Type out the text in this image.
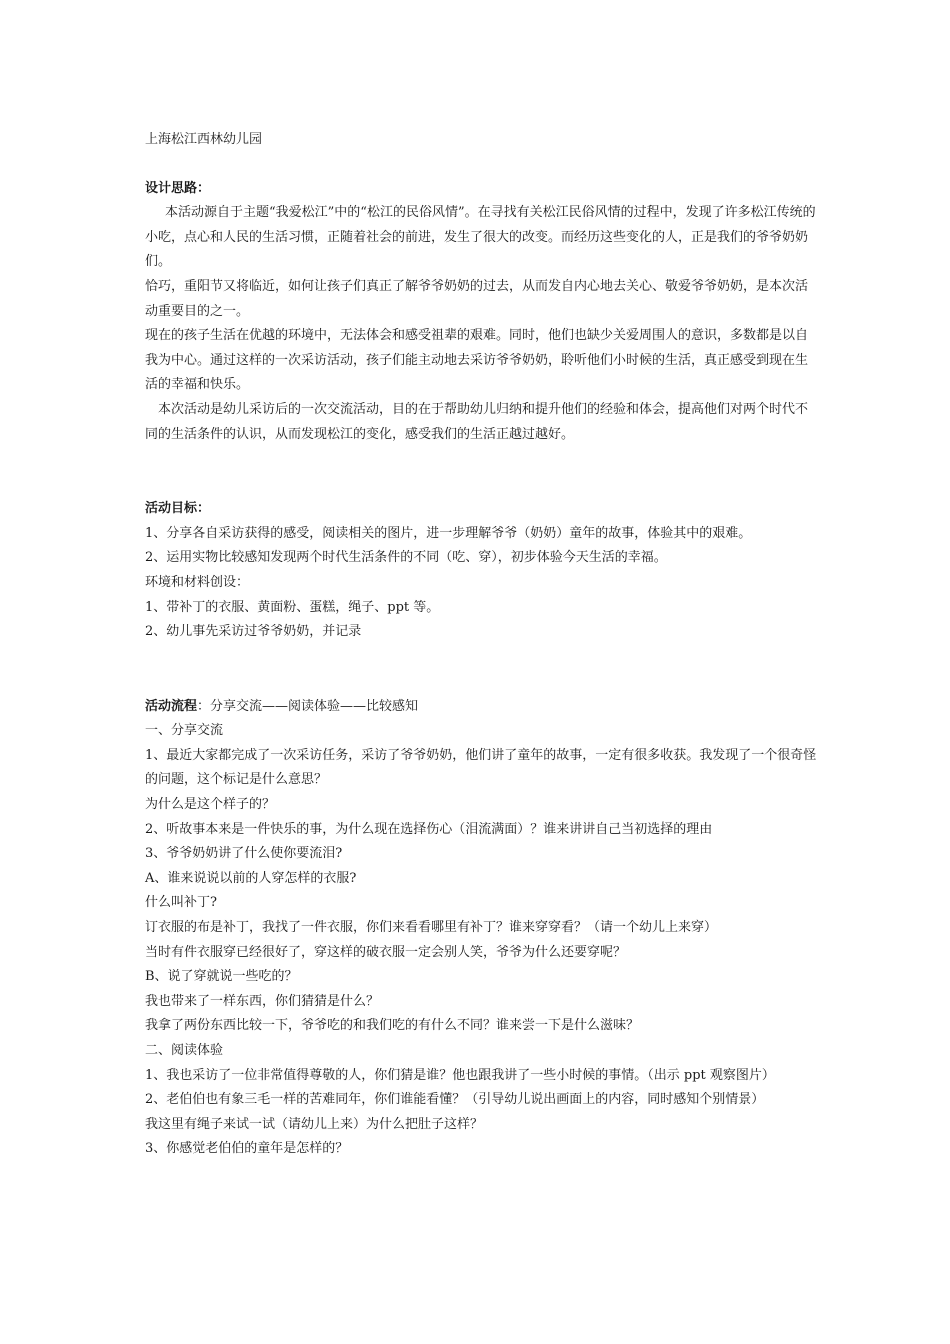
上海松江西林幼儿园
设计思路：
本活动源自于主题“我爱松江”中的“松江的民俗风情”。在寻找有关松江民俗风情的过程中，发现了许多松江传统的小吃，点心和人民的生活习惯，正随着社会的前进，发生了很大的改变。而经历这些变化的人，正是我们的爷爷奶奶们。
恰巧，重阳节又将临近，如何让孩子们真正了解爷爷奶奶的过去，从而发自内心地去关心、敬爱爷爷奶奶，是本次活动重要目的之一。
现在的孩子生活在优越的环境中，无法体会和感受祖辈的艰难。同时，他们也缺少关爱周围人的意识，多数都是以自我为中心。通过这样的一次采访活动，孩子们能主动地去采访爷爷奶奶，聆听他们小时候的生活，真正感受到现在生活的幸福和快乐。
本次活动是幼儿采访后的一次交流活动，目的在于帮助幼儿归纳和提升他们的经验和体会，提高他们对两个时代不同的生活条件的认识，从而发现松江的变化，感受我们的生活正越过越好。
活动目标：
1、分享各自采访获得的感受，阅读相关的图片，进一步理解爷爷（奶奶）童年的故事，体验其中的艰难。
2、运用实物比较感知发现两个时代生活条件的不同（吃、穿），初步体验今天生活的幸福。
环境和材料创设：
1、带补丁的衣服、黄面粉、蛋糕，绳子、ppt 等。
2、幼儿事先采访过爷爷奶奶，并记录
活动流程：分享交流——阅读体验——比较感知
一、分享交流
1、最近大家都完成了一次采访任务，采访了爷爷奶奶，他们讲了童年的故事，一定有很多收获。我发现了一个很奇怪的问题，这个标记是什么意思？
为什么是这个样子的？
2、听故事本来是一件快乐的事，为什么现在选择伤心（泪流满面）？谁来讲讲自己当初选择的理由
3、爷爷奶奶讲了什么使你要流泪?
A、谁来说说以前的人穿怎样的衣服?
什么叫补丁?
订衣服的布是补丁，我找了一件衣服，你们来看看哪里有补丁？谁来穿穿看？（请一个幼儿上来穿）
当时有件衣服穿已经很好了，穿这样的破衣服一定会别人笑，爷爷为什么还要穿呢？
B、说了穿就说一些吃的？
我也带来了一样东西，你们猜猜是什么？
我拿了两份东西比较一下，爷爷吃的和我们吃的有什么不同？谁来尝一下是什么滋味？
二、阅读体验
1、我也采访了一位非常值得尊敬的人，你们猜是谁？他也跟我讲了一些小时候的事情。（出示 ppt 观察图片）
2、老伯伯也有象三毛一样的苦难同年，你们谁能看懂？（引导幼儿说出画面上的内容，同时感知个别情景）
我这里有绳子来试一试（请幼儿上来）为什么把肚子这样？
3、你感觉老伯伯的童年是怎样的？
